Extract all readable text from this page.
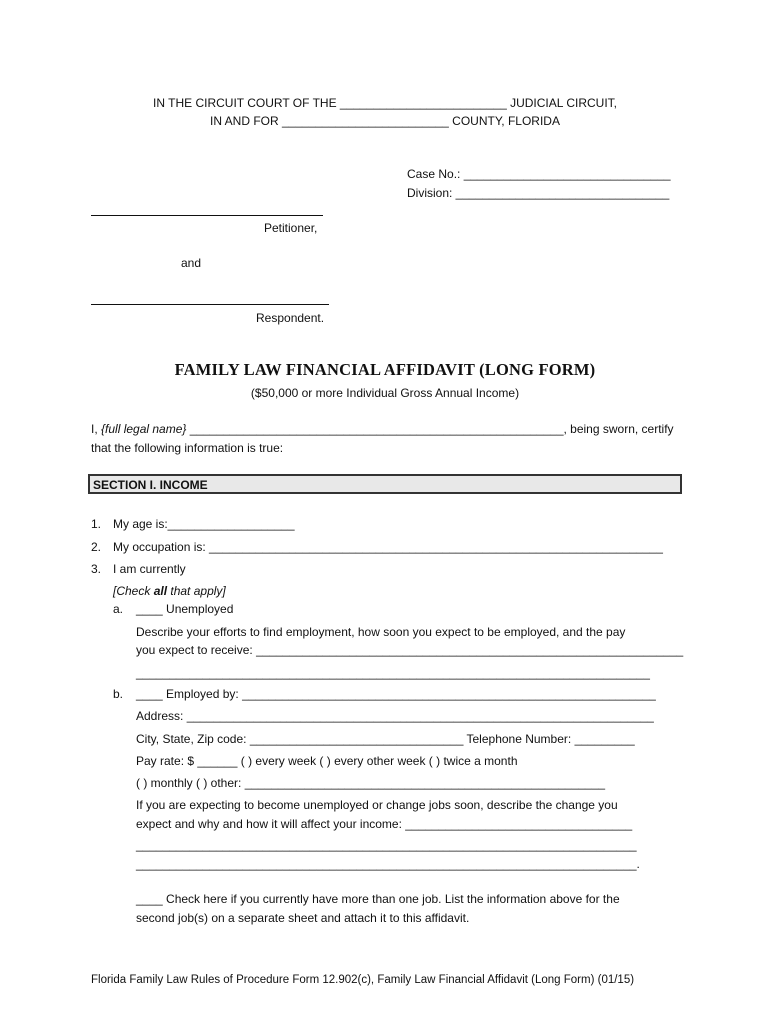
IN THE CIRCUIT COURT OF THE _________________________ JUDICIAL CIRCUIT,
IN AND FOR _________________________ COUNTY, FLORIDA
Case No.: _______________________________
Division: ________________________________
Petitioner,
and
Respondent.
FAMILY LAW FINANCIAL AFFIDAVIT (LONG FORM)
($50,000 or more Individual Gross Annual Income)
I, {full legal name} ________________________________________________________, being sworn, certify
that the following information is true:
SECTION I. INCOME
1. My age is:___________________
2. My occupation is: ____________________________________________________________________
3. I am currently
[Check all that apply]
a. ____ Unemployed
Describe your efforts to find employment, how soon you expect to be employed, and the pay
you expect to receive: ________________________________________________________________
_____________________________________________________________________________
b. ____ Employed by: ______________________________________________________________
Address: ______________________________________________________________________
City, State, Zip code: ________________________________ Telephone Number: _________
Pay rate: $ ______ ( ) every week ( ) every other week ( ) twice a month
( ) monthly ( ) other: ______________________________________________________
If you are expecting to become unemployed or change jobs soon, describe the change you
expect and why and how it will affect your income: __________________________________
___________________________________________________________________________
___________________________________________________________________________.
____ Check here if you currently have more than one job. List the information above for the
second job(s) on a separate sheet and attach it to this affidavit.
Florida Family Law Rules of Procedure Form 12.902(c), Family Law Financial Affidavit (Long Form) (01/15)
